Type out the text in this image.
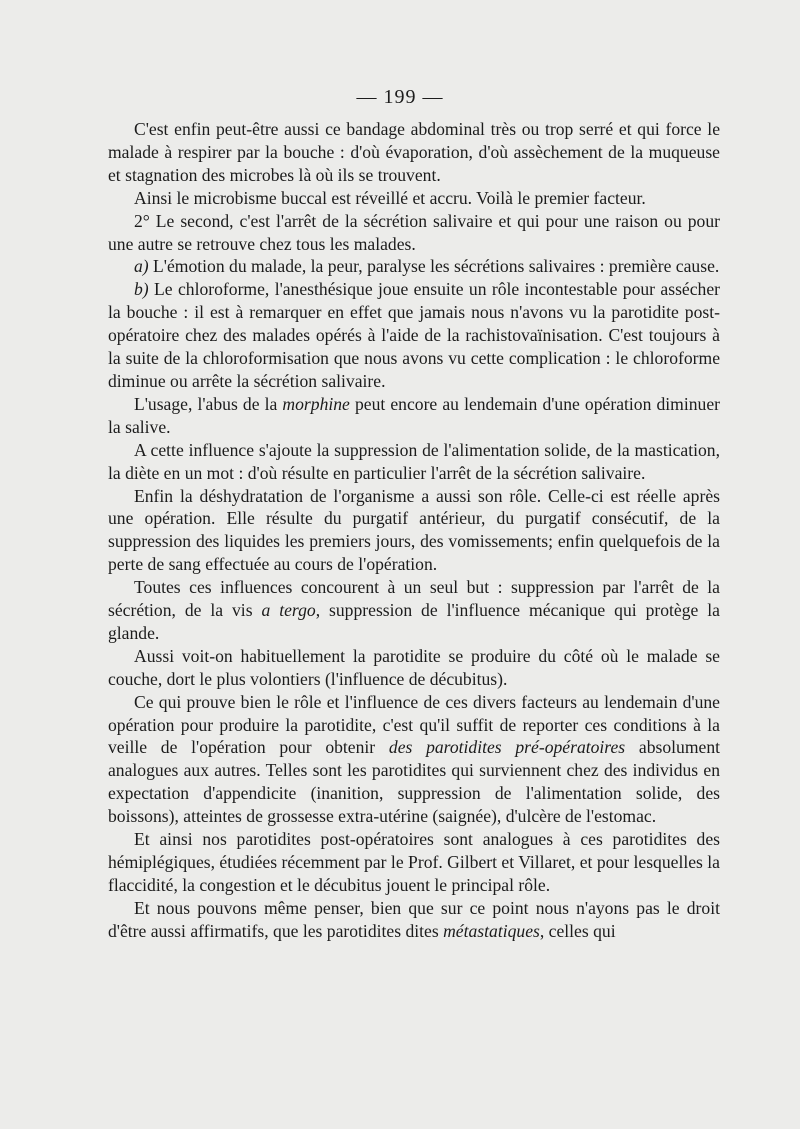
— 199 —

C'est enfin peut-être aussi ce bandage abdominal très ou trop serré et qui force le malade à respirer par la bouche : d'où évaporation, d'où assèchement de la muqueuse et stagnation des microbes là où ils se trouvent.

Ainsi le microbisme buccal est réveillé et accru. Voilà le premier facteur.

2° Le second, c'est l'arrêt de la sécrétion salivaire et qui pour une raison ou pour une autre se retrouve chez tous les malades.

a) L'émotion du malade, la peur, paralyse les sécrétions salivaires : première cause.

b) Le chloroforme, l'anesthésique joue ensuite un rôle incontestable pour assécher la bouche : il est à remarquer en effet que jamais nous n'avons vu la parotidite post-opératoire chez des malades opérés à l'aide de la rachistovaïnisation. C'est toujours à la suite de la chloroformisation que nous avons vu cette complication : le chloroforme diminue ou arrête la sécrétion salivaire.

L'usage, l'abus de la morphine peut encore au lendemain d'une opération diminuer la salive.

A cette influence s'ajoute la suppression de l'alimentation solide, de la mastication, la diète en un mot : d'où résulte en particulier l'arrêt de la sécrétion salivaire.

Enfin la déshydratation de l'organisme a aussi son rôle. Celle-ci est réelle après une opération. Elle résulte du purgatif antérieur, du purgatif consécutif, de la suppression des liquides les premiers jours, des vomissements; enfin quelquefois de la perte de sang effectuée au cours de l'opération.

Toutes ces influences concourent à un seul but : suppression par l'arrêt de la sécrétion, de la vis a tergo, suppression de l'influence mécanique qui protège la glande.

Aussi voit-on habituellement la parotidite se produire du côté où le malade se couche, dort le plus volontiers (l'influence de décubitus).

Ce qui prouve bien le rôle et l'influence de ces divers facteurs au lendemain d'une opération pour produire la parotidite, c'est qu'il suffit de reporter ces conditions à la veille de l'opération pour obtenir des parotidites pré-opératoires absolument analogues aux autres. Telles sont les parotidites qui surviennent chez des individus en expectation d'appendicite (inanition, suppression de l'alimentation solide, des boissons), atteintes de grossesse extra-utérine (saignée), d'ulcère de l'estomac.

Et ainsi nos parotidites post-opératoires sont analogues à ces parotidites des hémiplégiques, étudiées récemment par le Prof. Gilbert et Villaret, et pour lesquelles la flaccidité, la congestion et le décubitus jouent le principal rôle.

Et nous pouvons même penser, bien que sur ce point nous n'ayons pas le droit d'être aussi affirmatifs, que les parotidites dites métastatiques, celles qui
